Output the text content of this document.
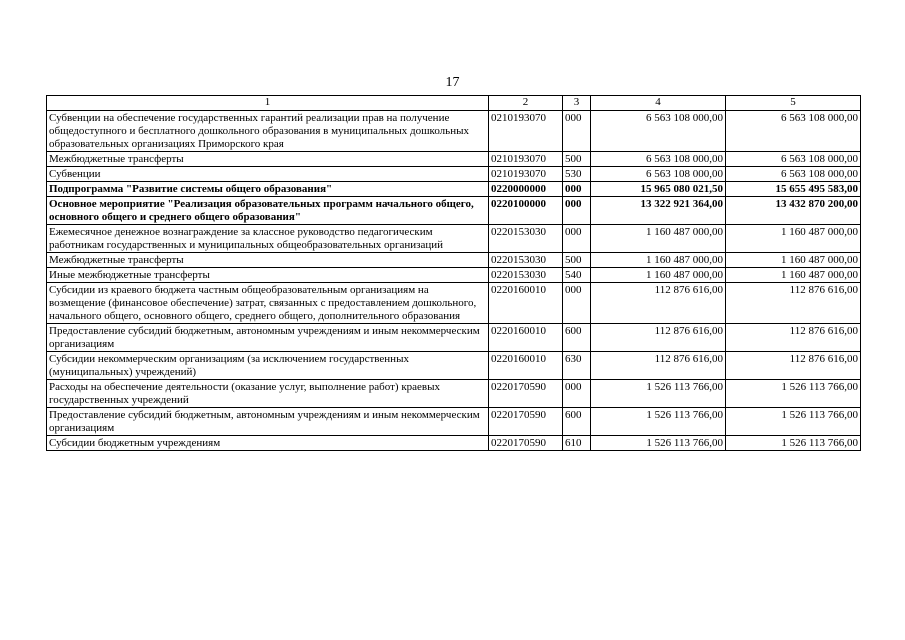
17
1	2	3	4	5
Субвенции на обеспечение государственных гарантий реализации прав на получение общедоступного и бесплатного дошкольного образования в муниципальных дошкольных образовательных организациях Приморского края	0210193070	000	6 563 108 000,00	6 563 108 000,00
Межбюджетные трансферты	0210193070	500	6 563 108 000,00	6 563 108 000,00
Субвенции	0210193070	530	6 563 108 000,00	6 563 108 000,00
Подпрограмма "Развитие системы общего образования"	0220000000	000	15 965 080 021,50	15 655 495 583,00
Основное мероприятие "Реализация образовательных программ начального общего, основного общего и среднего общего образования"	0220100000	000	13 322 921 364,00	13 432 870 200,00
Ежемесячное денежное вознаграждение за классное руководство педагогическим работникам государственных и муниципальных общеобразовательных организаций	0220153030	000	1 160 487 000,00	1 160 487 000,00
Межбюджетные трансферты	0220153030	500	1 160 487 000,00	1 160 487 000,00
Иные межбюджетные трансферты	0220153030	540	1 160 487 000,00	1 160 487 000,00
Субсидии из краевого бюджета частным общеобразовательным организациям на возмещение (финансовое обеспечение) затрат, связанных с предоставлением дошкольного, начального общего, основного общего, среднего общего, дополнительного образования	0220160010	000	112 876 616,00	112 876 616,00
Предоставление субсидий бюджетным, автономным учреждениям и иным некоммерческим организациям	0220160010	600	112 876 616,00	112 876 616,00
Субсидии некоммерческим организациям (за исключением государственных (муниципальных) учреждений)	0220160010	630	112 876 616,00	112 876 616,00
Расходы на обеспечение деятельности (оказание услуг, выполнение работ) краевых государственных учреждений	0220170590	000	1 526 113 766,00	1 526 113 766,00
Предоставление субсидий бюджетным, автономным учреждениям и иным некоммерческим организациям	0220170590	600	1 526 113 766,00	1 526 113 766,00
Субсидии бюджетным учреждениям	0220170590	610	1 526 113 766,00	1 526 113 766,00
